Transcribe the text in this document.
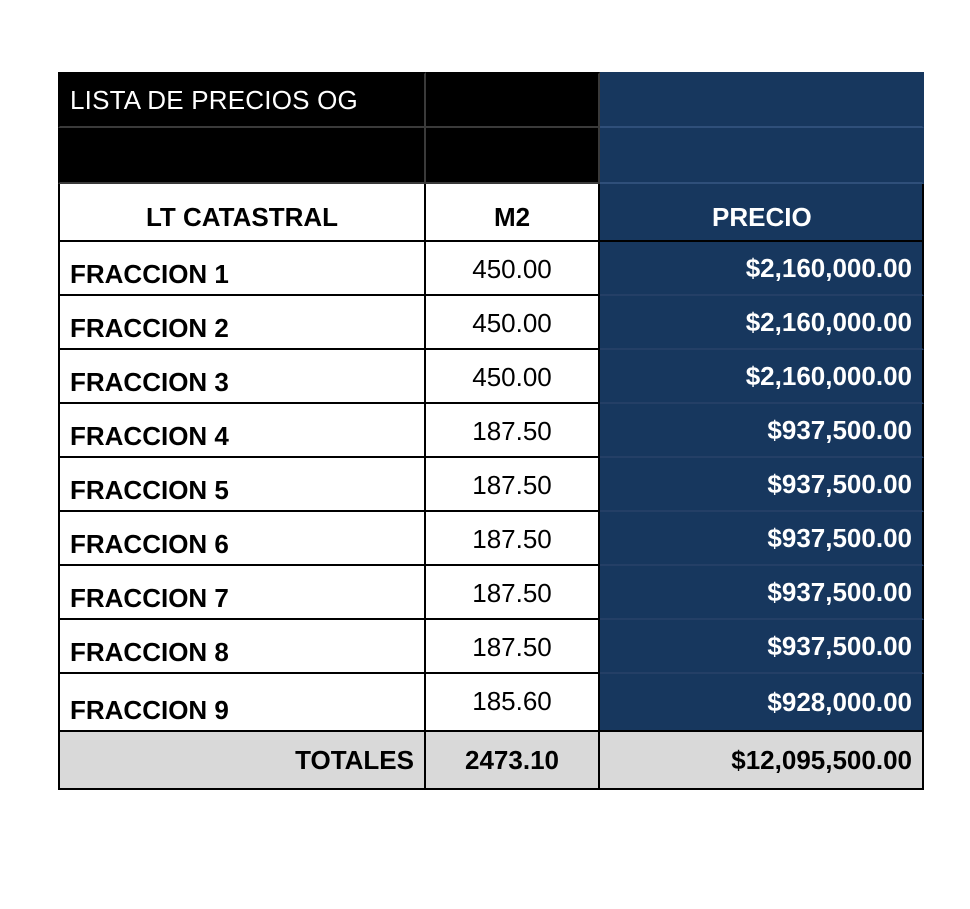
LISTA DE PRECIOS OG
LT CATASTRAL	M2	PRECIO
FRACCION 1	450.00	$2,160,000.00
FRACCION 2	450.00	$2,160,000.00
FRACCION 3	450.00	$2,160,000.00
FRACCION 4	187.50	$937,500.00
FRACCION 5	187.50	$937,500.00
FRACCION 6	187.50	$937,500.00
FRACCION 7	187.50	$937,500.00
FRACCION 8	187.50	$937,500.00
FRACCION 9	185.60	$928,000.00
TOTALES	2473.10	$12,095,500.00
